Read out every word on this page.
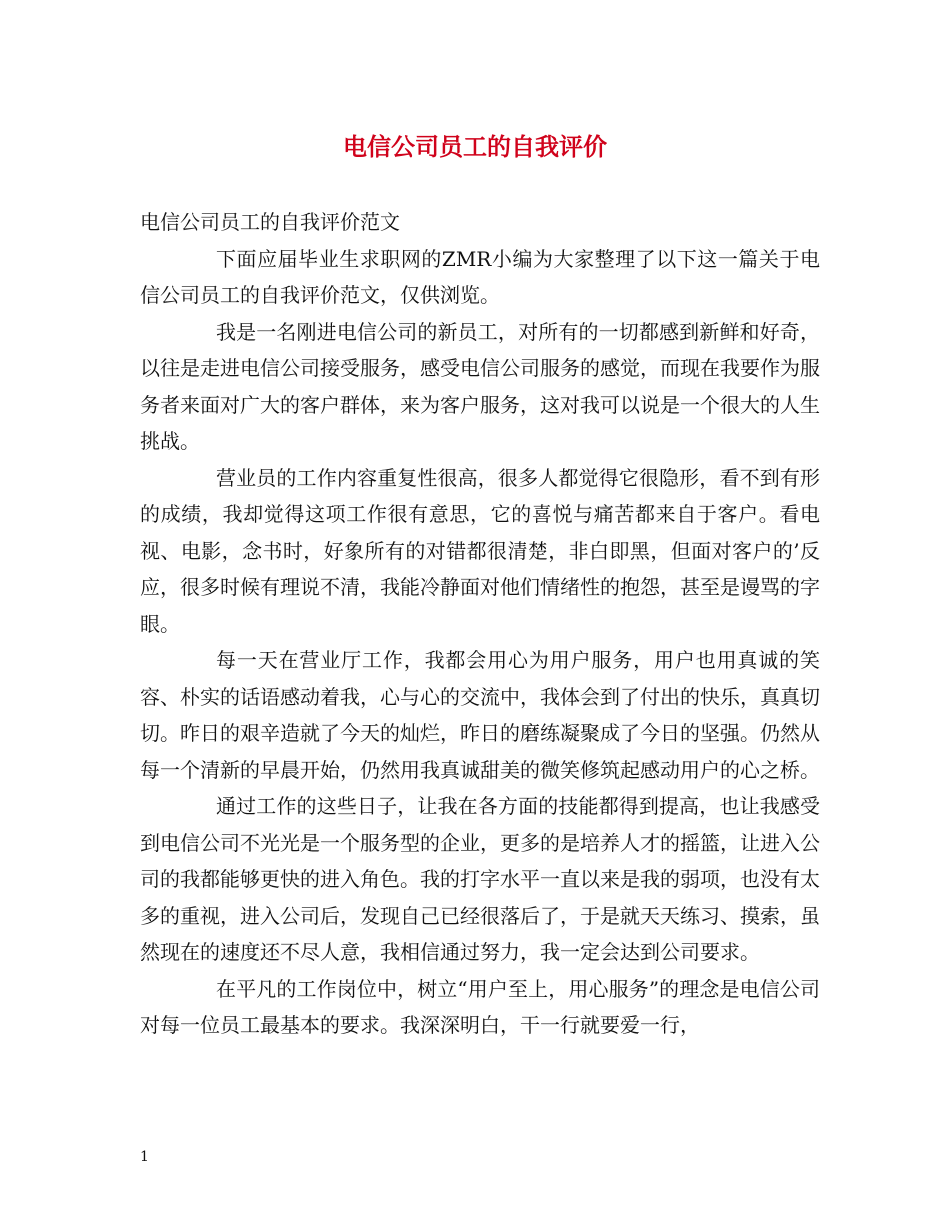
电信公司员工的自我评价

电信公司员工的自我评价范文

下面应届毕业生求职网的ZMR小编为大家整理了以下这一篇关于电信公司员工的自我评价范文，仅供浏览。

我是一名刚进电信公司的新员工，对所有的一切都感到新鲜和好奇，以往是走进电信公司接受服务，感受电信公司服务的感觉，而现在我要作为服务者来面对广大的客户群体，来为客户服务，这对我可以说是一个很大的人生挑战。

营业员的工作内容重复性很高，很多人都觉得它很隐形，看不到有形的成绩，我却觉得这项工作很有意思，它的喜悦与痛苦都来自于客户。看电视、电影，念书时，好象所有的对错都很清楚，非白即黑，但面对客户的’反应，很多时候有理说不清，我能冷静面对他们情绪性的抱怨，甚至是谩骂的字眼。

每一天在营业厅工作，我都会用心为用户服务，用户也用真诚的笑容、朴实的话语感动着我，心与心的交流中，我体会到了付出的快乐，真真切切。昨日的艰辛造就了今天的灿烂，昨日的磨练凝聚成了今日的坚强。仍然从每一个清新的早晨开始，仍然用我真诚甜美的微笑修筑起感动用户的心之桥。

通过工作的这些日子，让我在各方面的技能都得到提高，也让我感受到电信公司不光光是一个服务型的企业，更多的是培养人才的摇篮，让进入公司的我都能够更快的进入角色。我的打字水平一直以来是我的弱项，也没有太多的重视，进入公司后，发现自己已经很落后了，于是就天天练习、摸索，虽然现在的速度还不尽人意，我相信通过努力，我一定会达到公司要求。

在平凡的工作岗位中，树立“用户至上，用心服务”的理念是电信公司对每一位员工最基本的要求。我深深明白，干一行就要爱一行，

1
